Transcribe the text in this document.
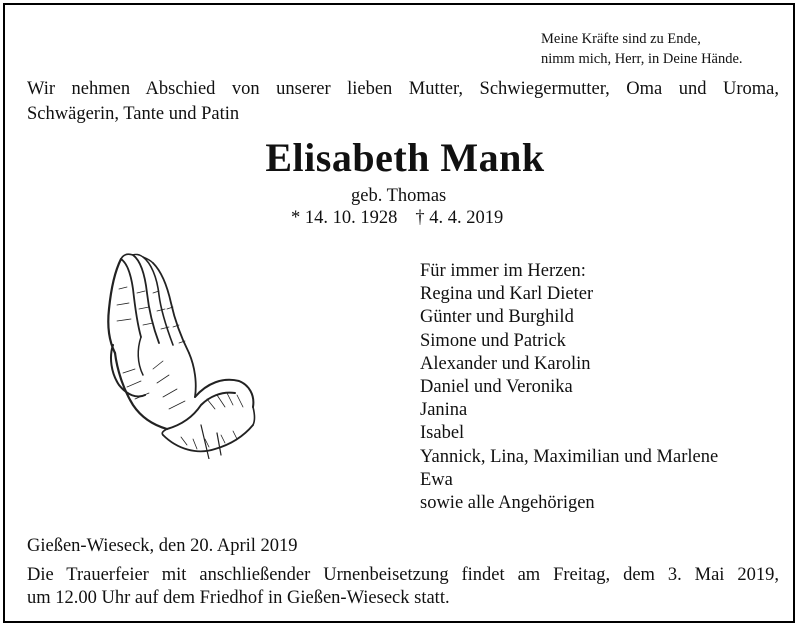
Meine Kräfte sind zu Ende,
nimm mich, Herr, in Deine Hände.
Wir nehmen Abschied von unserer lieben Mutter, Schwiegermutter, Oma und Uroma,
Schwägerin, Tante und Patin
Elisabeth Mank
geb. Thomas
* 14. 10. 1928 † 4. 4. 2019
Für immer im Herzen:
Regina und Karl Dieter
Günter und Burghild
Simone und Patrick
Alexander und Karolin
Daniel und Veronika
Janina
Isabel
Yannick, Lina, Maximilian und Marlene
Ewa
sowie alle Angehörigen
Gießen-Wieseck, den 20. April 2019
Die Trauerfeier mit anschließender Urnenbeisetzung findet am Freitag, dem 3. Mai 2019,
um 12.00 Uhr auf dem Friedhof in Gießen-Wieseck statt.
